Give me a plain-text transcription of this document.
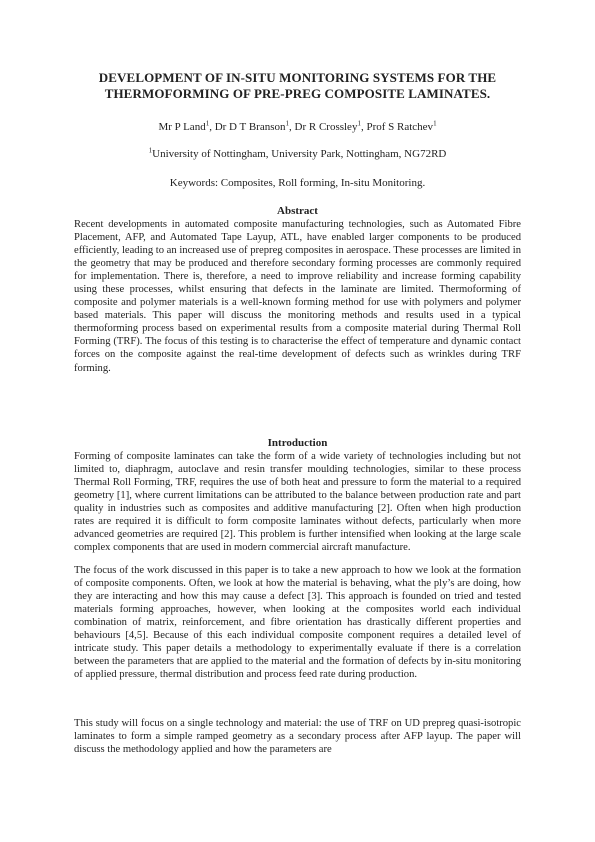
DEVELOPMENT OF IN-SITU MONITORING SYSTEMS FOR THE
THERMOFORMING OF PRE-PREG COMPOSITE LAMINATES.
Mr P Land$^1$, Dr D T Branson$^1$, Dr R Crossley$^1$, Prof S Ratchev$^1$
$^1$University of Nottingham, University Park, Nottingham, NG72RD
Keywords: Composites, Roll forming, In-situ Monitoring.
Abstract

Recent developments in automated composite manufacturing technologies, such as Automated Fibre Placement, AFP, and Automated Tape Layup, ATL, have enabled larger components to be produced efficiently, leading to an increased use of prepreg composites in aerospace. These processes are limited in the geometry that may be produced and therefore secondary forming processes are commonly required for implementation. There is, therefore, a need to improve reliability and increase forming capability using these processes, whilst ensuring that defects in the laminate are limited. Thermoforming of composite and polymer materials is a well-known forming method for use with polymers and polymer based materials. This paper will discuss the monitoring methods and results used in a typical thermoforming process based on experimental results from a composite material during Thermal Roll Forming (TRF). The focus of this testing is to characterise the effect of temperature and dynamic contact forces on the composite against the real-time development of defects such as wrinkles during TRF forming.

Introduction

Forming of composite laminates can take the form of a wide variety of technologies including but not limited to, diaphragm, autoclave and resin transfer moulding technologies, similar to these process Thermal Roll Forming, TRF, requires the use of both heat and pressure to form the material to a required geometry [1], where current limitations can be attributed to the balance between production rate and part quality in industries such as composites and additive manufacturing [2]. Often when high production rates are required it is difficult to form composite laminates without defects, particularly when more advanced geometries are required [2]. This problem is further intensified when looking at the large scale complex components that are used in modern commercial aircraft manufacture.

The focus of the work discussed in this paper is to take a new approach to how we look at the formation of composite components. Often, we look at how the material is behaving, what the ply’s are doing, how they are interacting and how this may cause a defect [3]. This approach is founded on tried and tested materials forming approaches, however, when looking at the composites world each individual combination of matrix, reinforcement, and fibre orientation has drastically different properties and behaviours [4,5]. Because of this each individual composite component requires a detailed level of intricate study. This paper details a methodology to experimentally evaluate if there is a correlation between the parameters that are applied to the material and the formation of defects by in-situ monitoring of applied pressure, thermal distribution and process feed rate during production.

This study will focus on a single technology and material: the use of TRF on UD prepreg quasi-isotropic laminates to form a simple ramped geometry as a secondary process after AFP layup. The paper will discuss the methodology applied and how the parameters are
